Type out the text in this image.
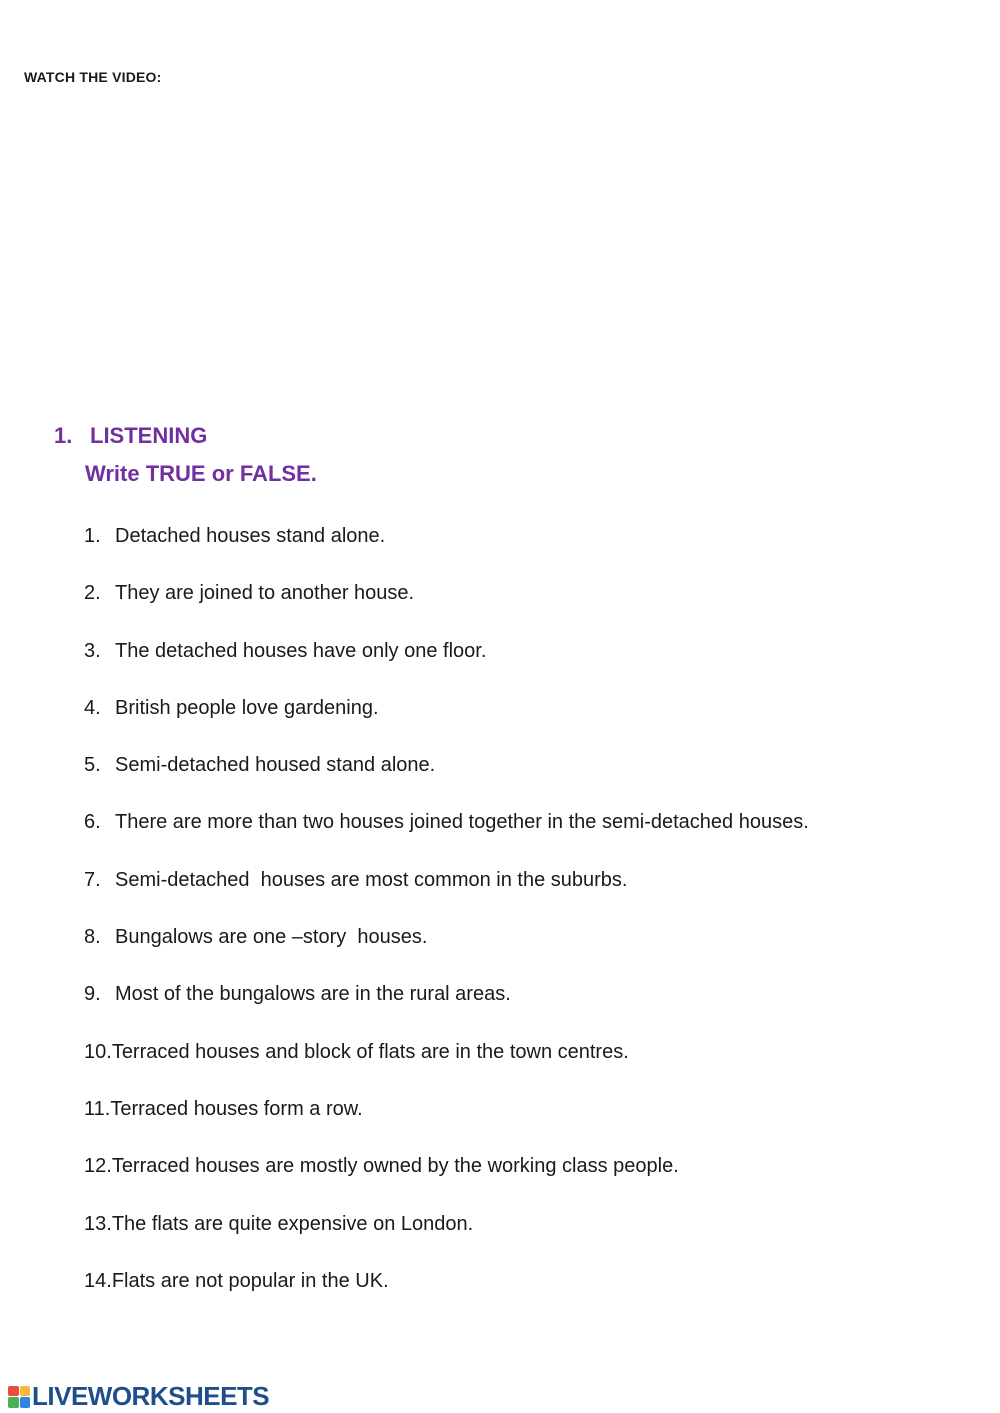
WATCH THE VIDEO:
1. LISTENING
Write TRUE or FALSE.
1. Detached houses stand alone.
2. They are joined to another house.
3. The detached houses have only one floor.
4. British people love gardening.
5. Semi-detached housed stand alone.
6. There are more than two houses joined together in the semi-detached houses.
7. Semi-detached  houses are most common in the suburbs.
8. Bungalows are one –story  houses.
9. Most of the bungalows are in the rural areas.
10.Terraced houses and block of flats are in the town centres.
11.Terraced houses form a row.
12.Terraced houses are mostly owned by the working class people.
13.The flats are quite expensive on London.
14.Flats are not popular in the UK.
LIVEWORKSHEETS
